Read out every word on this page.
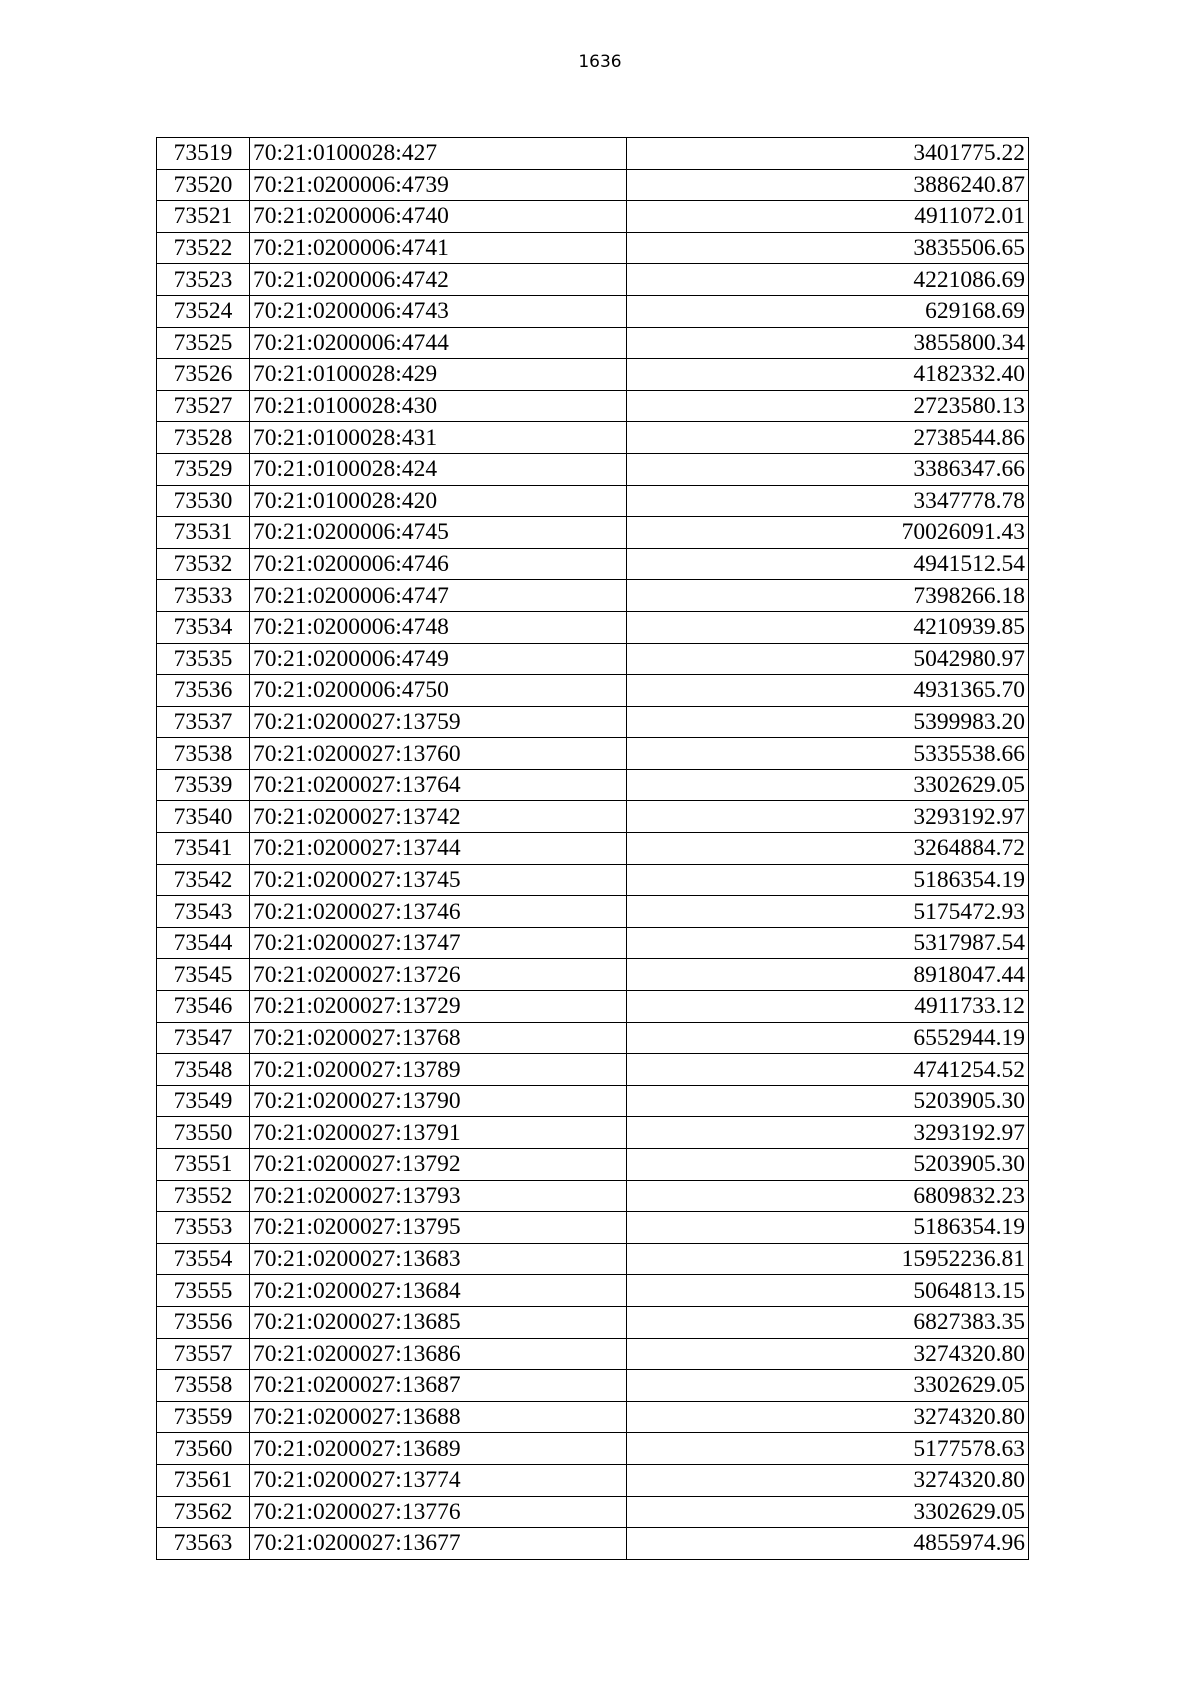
1636
73519	70:21:0100028:427	3401775.22
73520	70:21:0200006:4739	3886240.87
73521	70:21:0200006:4740	4911072.01
73522	70:21:0200006:4741	3835506.65
73523	70:21:0200006:4742	4221086.69
73524	70:21:0200006:4743	629168.69
73525	70:21:0200006:4744	3855800.34
73526	70:21:0100028:429	4182332.40
73527	70:21:0100028:430	2723580.13
73528	70:21:0100028:431	2738544.86
73529	70:21:0100028:424	3386347.66
73530	70:21:0100028:420	3347778.78
73531	70:21:0200006:4745	70026091.43
73532	70:21:0200006:4746	4941512.54
73533	70:21:0200006:4747	7398266.18
73534	70:21:0200006:4748	4210939.85
73535	70:21:0200006:4749	5042980.97
73536	70:21:0200006:4750	4931365.70
73537	70:21:0200027:13759	5399983.20
73538	70:21:0200027:13760	5335538.66
73539	70:21:0200027:13764	3302629.05
73540	70:21:0200027:13742	3293192.97
73541	70:21:0200027:13744	3264884.72
73542	70:21:0200027:13745	5186354.19
73543	70:21:0200027:13746	5175472.93
73544	70:21:0200027:13747	5317987.54
73545	70:21:0200027:13726	8918047.44
73546	70:21:0200027:13729	4911733.12
73547	70:21:0200027:13768	6552944.19
73548	70:21:0200027:13789	4741254.52
73549	70:21:0200027:13790	5203905.30
73550	70:21:0200027:13791	3293192.97
73551	70:21:0200027:13792	5203905.30
73552	70:21:0200027:13793	6809832.23
73553	70:21:0200027:13795	5186354.19
73554	70:21:0200027:13683	15952236.81
73555	70:21:0200027:13684	5064813.15
73556	70:21:0200027:13685	6827383.35
73557	70:21:0200027:13686	3274320.80
73558	70:21:0200027:13687	3302629.05
73559	70:21:0200027:13688	3274320.80
73560	70:21:0200027:13689	5177578.63
73561	70:21:0200027:13774	3274320.80
73562	70:21:0200027:13776	3302629.05
73563	70:21:0200027:13677	4855974.96
